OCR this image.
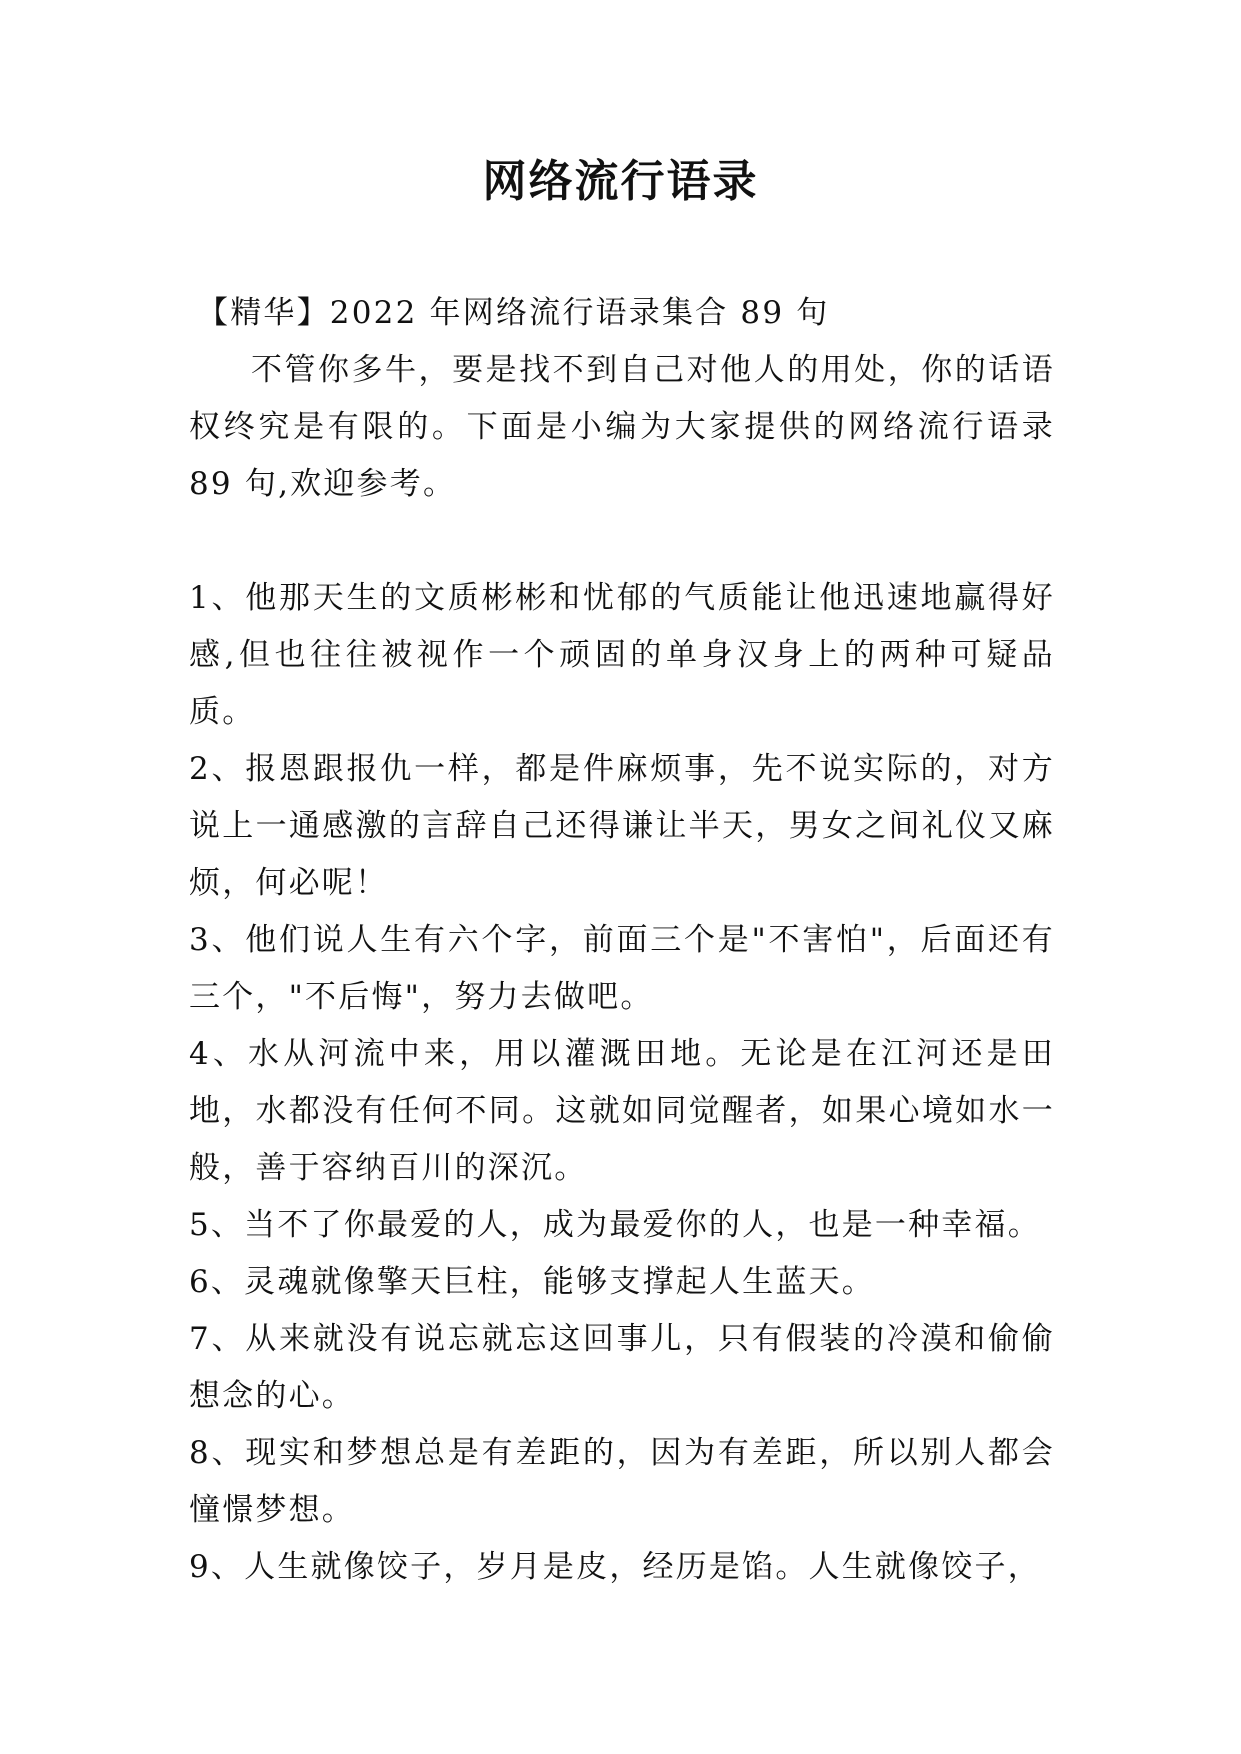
网络流行语录

【精华】2022 年网络流行语录集合 89 句

不管你多牛，要是找不到自己对他人的用处，你的话语权终究是有限的。下面是小编为大家提供的网络流行语录 89 句,欢迎参考。

1、他那天生的文质彬彬和忧郁的气质能让他迅速地赢得好感,但也往往被视作一个顽固的单身汉身上的两种可疑品质。

2、报恩跟报仇一样，都是件麻烦事，先不说实际的，对方说上一通感激的言辞自己还得谦让半天，男女之间礼仪又麻烦，何必呢！

3、他们说人生有六个字，前面三个是"不害怕"，后面还有三个，"不后悔"，努力去做吧。

4、水从河流中来，用以灌溉田地。无论是在江河还是田地，水都没有任何不同。这就如同觉醒者，如果心境如水一般，善于容纳百川的深沉。

5、当不了你最爱的人，成为最爱你的人，也是一种幸福。

6、灵魂就像擎天巨柱，能够支撑起人生蓝天。

7、从来就没有说忘就忘这回事儿，只有假装的冷漠和偷偷想念的心。

8、现实和梦想总是有差距的，因为有差距，所以别人都会憧憬梦想。

9、人生就像饺子，岁月是皮，经历是馅。人生就像饺子，
